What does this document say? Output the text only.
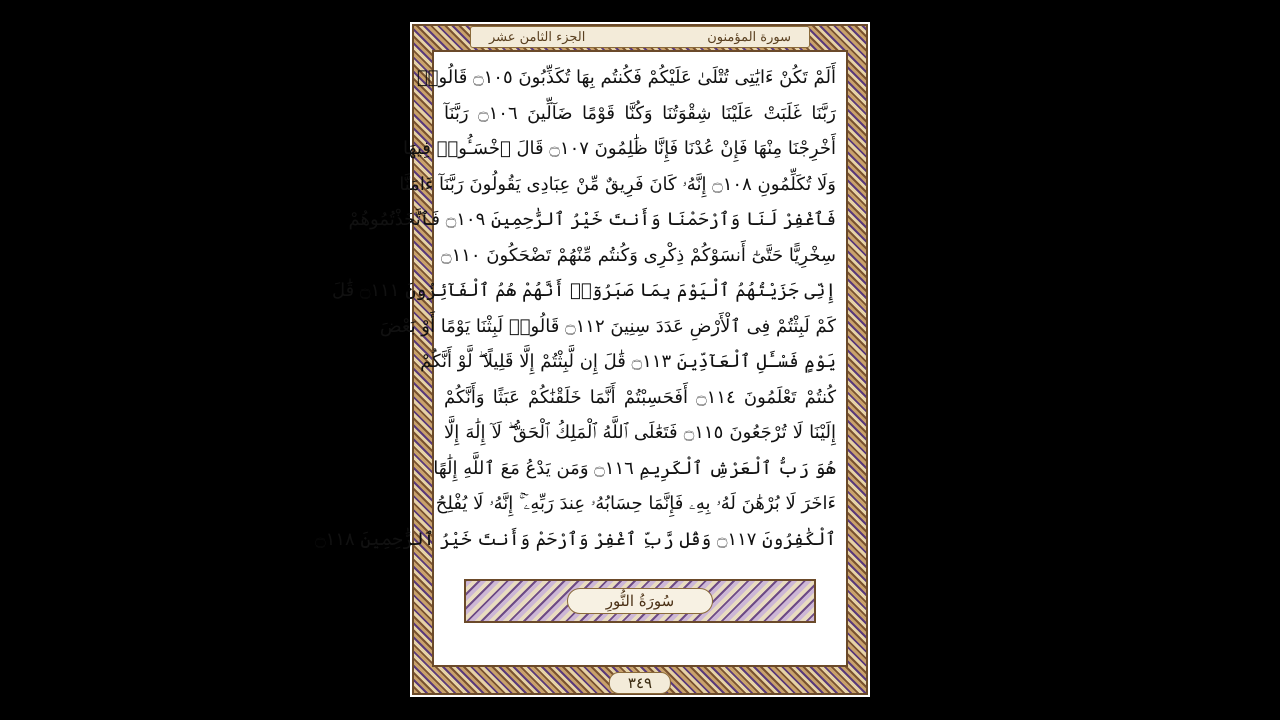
الجزء الثامن عشر	سورة المؤمنون
أَلَمْ تَكُنْ ءَايَٰتِى تُتْلَىٰ عَلَيْكُمْ فَكُنتُم بِهَا تُكَذِّبُونَ ۝١٠٥ قَالُوا۟
رَبَّنَا غَلَبَتْ عَلَيْنَا شِقْوَتُنَا وَكُنَّا قَوْمًا ضَآلِّينَ ۝١٠٦ رَبَّنَآ
أَخْرِجْنَا مِنْهَا فَإِنْ عُدْنَا فَإِنَّا ظَٰلِمُونَ ۝١٠٧ قَالَ ٱخْسَـُٔوا۟ فِيهَا
وَلَا تُكَلِّمُونِ ۝١٠٨ إِنَّهُۥ كَانَ فَرِيقٌ مِّنْ عِبَادِى يَقُولُونَ رَبَّنَآ ءَامَنَّا
فَٱغْفِرْ لَنَا وَٱرْحَمْنَا وَأَنتَ خَيْرُ ٱلرَّٰحِمِينَ ۝١٠٩ فَٱتَّخَذْتُمُوهُمْ
سِخْرِيًّا حَتَّىٰٓ أَنسَوْكُمْ ذِكْرِى وَكُنتُم مِّنْهُمْ تَضْحَكُونَ ۝١١٠
إِنِّى جَزَيْتُهُمُ ٱلْيَوْمَ بِمَا صَبَرُوٓا۟ أَنَّهُمْ هُمُ ٱلْفَآئِزُونَ ۝١١١ قَٰلَ
كَمْ لَبِثْتُمْ فِى ٱلْأَرْضِ عَدَدَ سِنِينَ ۝١١٢ قَالُوا۟ لَبِثْنَا يَوْمًا أَوْ بَعْضَ
يَوْمٍ فَسْـَٔلِ ٱلْعَآدِّينَ ۝١١٣ قَٰلَ إِن لَّبِثْتُمْ إِلَّا قَلِيلًا ۖ لَّوْ أَنَّكُمْ
كُنتُمْ تَعْلَمُونَ ۝١١٤ أَفَحَسِبْتُمْ أَنَّمَا خَلَقْنَٰكُمْ عَبَثًا وَأَنَّكُمْ
إِلَيْنَا لَا تُرْجَعُونَ ۝١١٥ فَتَعَٰلَى ٱللَّهُ ٱلْمَلِكُ ٱلْحَقُّ ۖ لَآ إِلَٰهَ إِلَّا
هُوَ رَبُّ ٱلْعَرْشِ ٱلْكَرِيمِ ۝١١٦ وَمَن يَدْعُ مَعَ ٱللَّهِ إِلَٰهًا
ءَاخَرَ لَا بُرْهَٰنَ لَهُۥ بِهِۦ فَإِنَّمَا حِسَابُهُۥ عِندَ رَبِّهِۦٓ ۚ إِنَّهُۥ لَا يُفْلِحُ
ٱلْكَٰفِرُونَ ۝١١٧ وَقُل رَّبِّ ٱغْفِرْ وَٱرْحَمْ وَأَنتَ خَيْرُ ٱلرَّٰحِمِينَ ۝١١٨
سُورَةُ النُّورِ
٣٤٩
